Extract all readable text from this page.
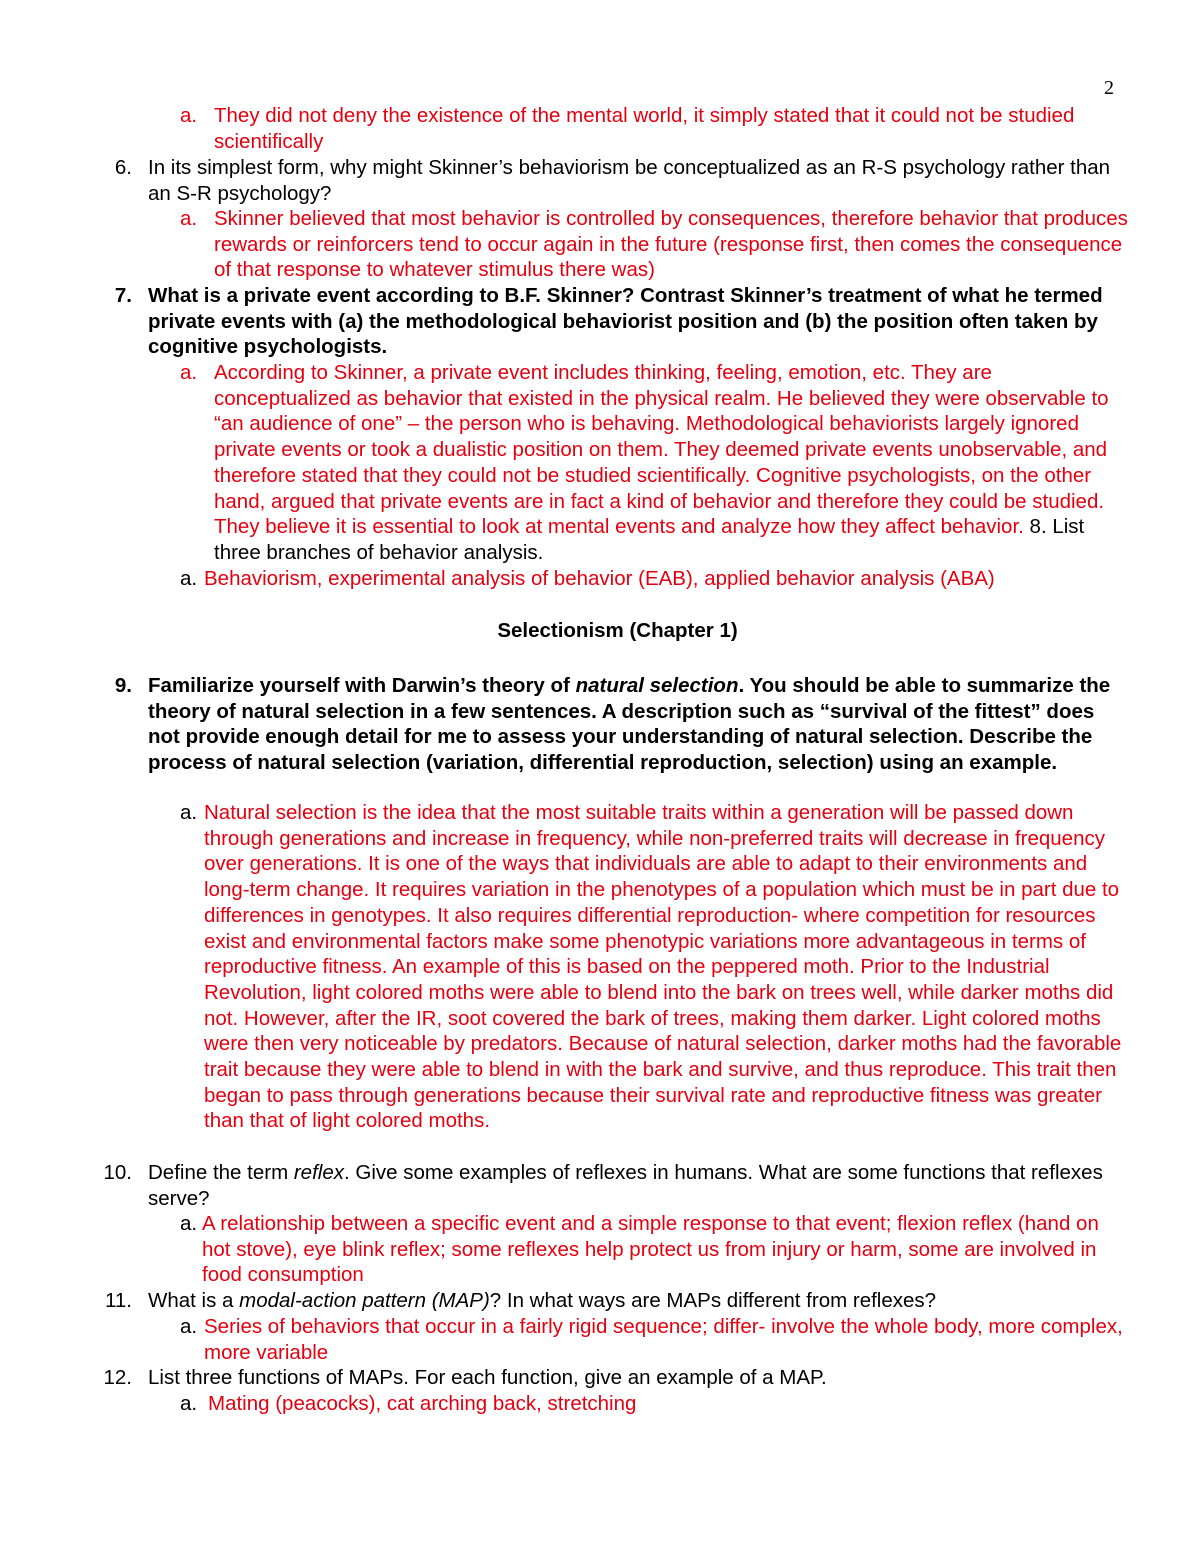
2
a. They did not deny the existence of the mental world, it simply stated that it could not be studied scientifically
6. In its simplest form, why might Skinner’s behaviorism be conceptualized as an R-S psychology rather than an S-R psychology?
a. Skinner believed that most behavior is controlled by consequences, therefore behavior that produces rewards or reinforcers tend to occur again in the future (response first, then comes the consequence of that response to whatever stimulus there was)
7. What is a private event according to B.F. Skinner? Contrast Skinner’s treatment of what he termed private events with (a) the methodological behaviorist position and (b) the position often taken by cognitive psychologists.
a. According to Skinner, a private event includes thinking, feeling, emotion, etc. They are conceptualized as behavior that existed in the physical realm. He believed they were observable to “an audience of one” – the person who is behaving. Methodological behaviorists largely ignored private events or took a dualistic position on them. They deemed private events unobservable, and therefore stated that they could not be studied scientifically. Cognitive psychologists, on the other hand, argued that private events are in fact a kind of behavior and therefore they could be studied. They believe it is essential to look at mental events and analyze how they affect behavior. 8. List three branches of behavior analysis.
a. Behaviorism, experimental analysis of behavior (EAB), applied behavior analysis (ABA)
Selectionism (Chapter 1)
9. Familiarize yourself with Darwin’s theory of natural selection. You should be able to summarize the theory of natural selection in a few sentences. A description such as “survival of the fittest” does not provide enough detail for me to assess your understanding of natural selection. Describe the process of natural selection (variation, differential reproduction, selection) using an example.
a. Natural selection is the idea that the most suitable traits within a generation will be passed down through generations and increase in frequency, while non-preferred traits will decrease in frequency over generations. It is one of the ways that individuals are able to adapt to their environments and long-term change. It requires variation in the phenotypes of a population which must be in part due to differences in genotypes. It also requires differential reproduction- where competition for resources exist and environmental factors make some phenotypic variations more advantageous in terms of reproductive fitness. An example of this is based on the peppered moth. Prior to the Industrial Revolution, light colored moths were able to blend into the bark on trees well, while darker moths did not. However, after the IR, soot covered the bark of trees, making them darker. Light colored moths were then very noticeable by predators. Because of natural selection, darker moths had the favorable trait because they were able to blend in with the bark and survive, and thus reproduce. This trait then began to pass through generations because their survival rate and reproductive fitness was greater than that of light colored moths.
10. Define the term reflex. Give some examples of reflexes in humans. What are some functions that reflexes serve?
a. A relationship between a specific event and a simple response to that event; flexion reflex (hand on hot stove), eye blink reflex; some reflexes help protect us from injury or harm, some are involved in food consumption
11. What is a modal-action pattern (MAP)? In what ways are MAPs different from reflexes?
a. Series of behaviors that occur in a fairly rigid sequence; differ- involve the whole body, more complex, more variable
12. List three functions of MAPs. For each function, give an example of a MAP.
a. Mating (peacocks), cat arching back, stretching
